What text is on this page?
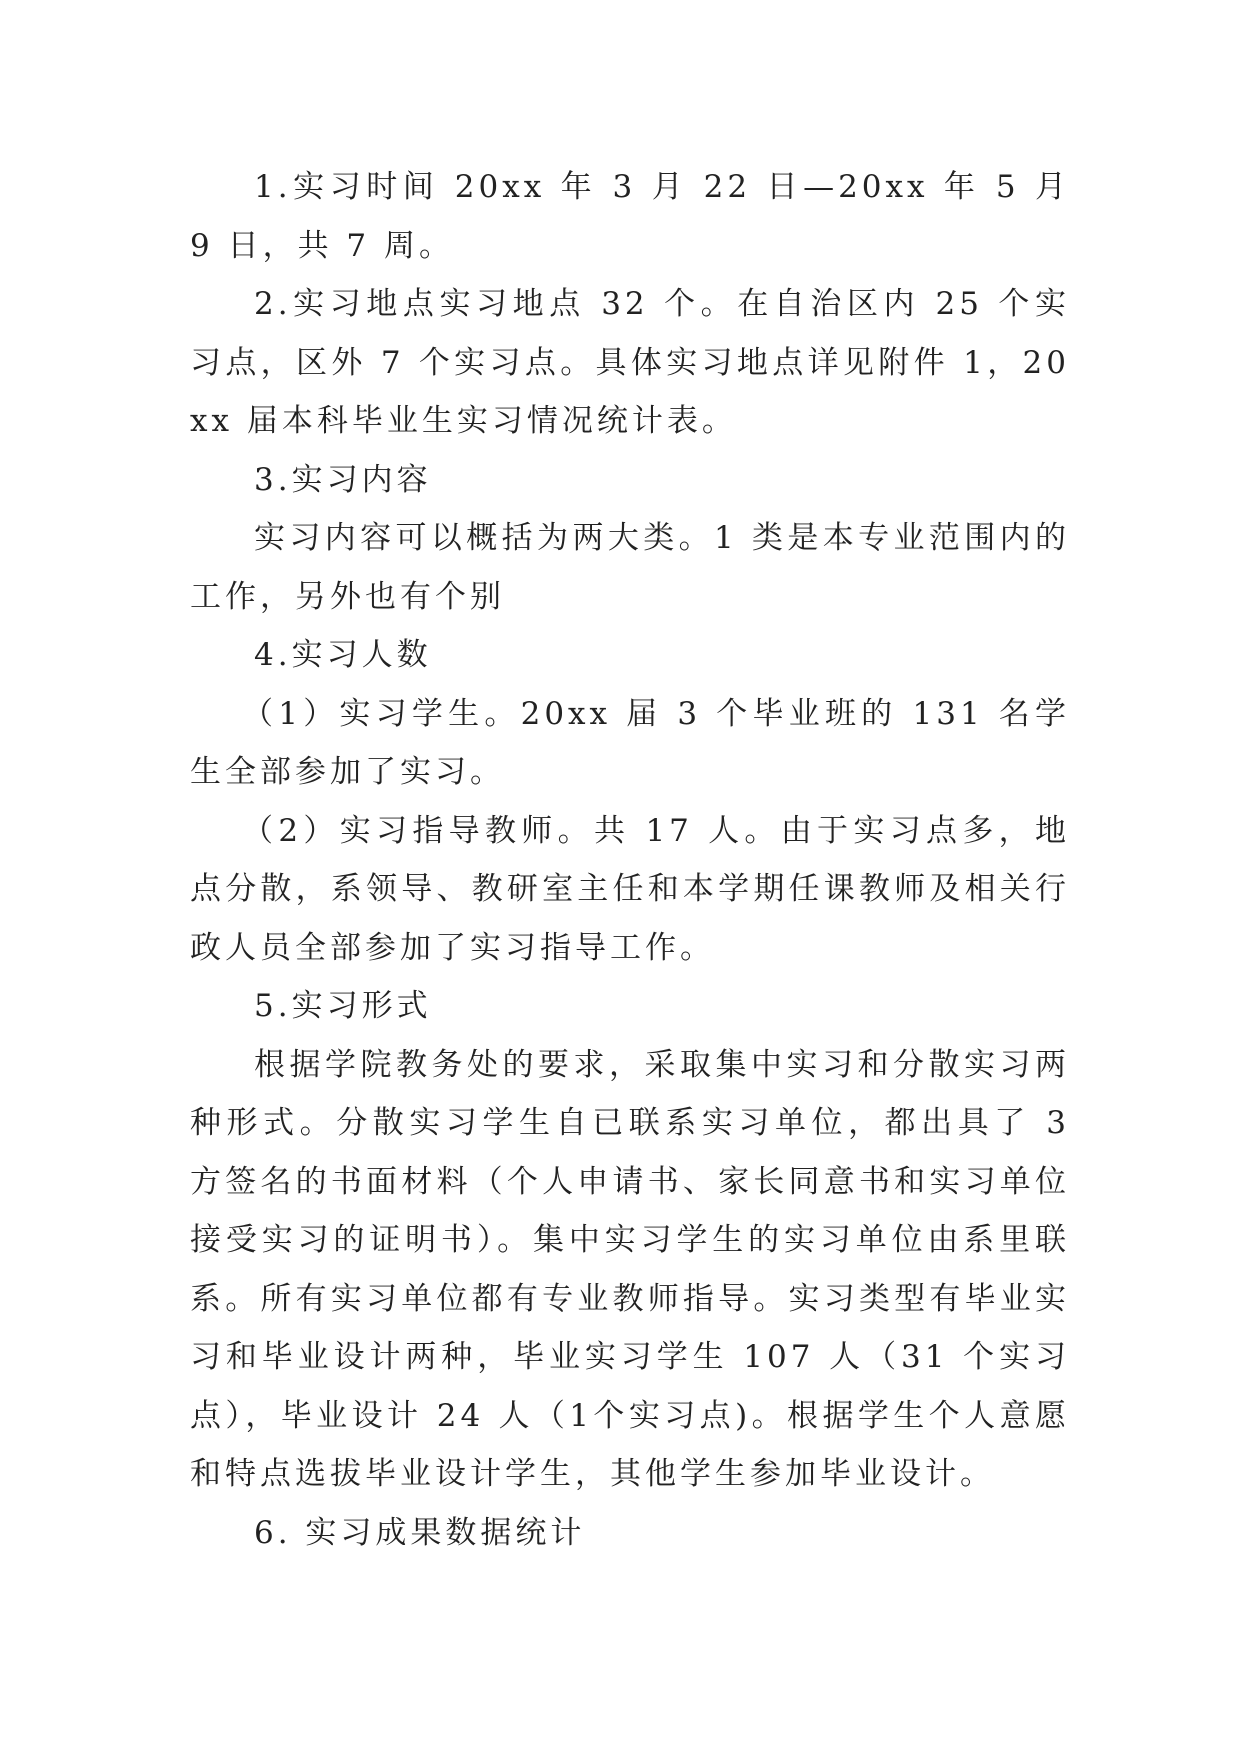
1.实习时间 20xx 年 3 月 22 日—20xx 年 5 月 9 日，共 7 周。

2.实习地点实习地点 32 个。在自治区内 25 个实习点，区外 7 个实习点。具体实习地点详见附件 1，20xx 届本科毕业生实习情况统计表。

3.实习内容

实习内容可以概括为两大类。1 类是本专业范围内的工作，另外也有个别

4.实习人数

（1）实习学生。20xx 届 3 个毕业班的 131 名学生全部参加了实习。

（2）实习指导教师。共 17 人。由于实习点多，地点分散，系领导、教研室主任和本学期任课教师及相关行政人员全部参加了实习指导工作。

5.实习形式

根据学院教务处的要求，采取集中实习和分散实习两种形式。分散实习学生自已联系实习单位，都出具了 3 方签名的书面材料（个人申请书、家长同意书和实习单位接受实习的证明书）。集中实习学生的实习单位由系里联系。所有实习单位都有专业教师指导。实习类型有毕业实习和毕业设计两种，毕业实习学生 107 人（31 个实习点），毕业设计 24 人（1个实习点)。根据学生个人意愿和特点选拔毕业设计学生，其他学生参加毕业设计。

6. 实习成果数据统计
